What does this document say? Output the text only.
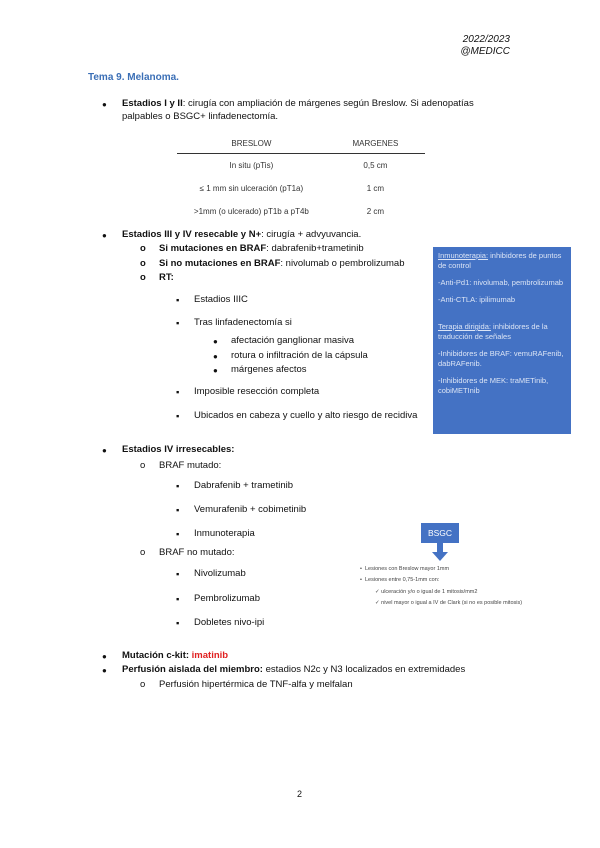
2022/2023
@MEDICC
Tema 9. Melanoma.
● Estadios I y II: cirugía con ampliación de márgenes según Breslow. Si adenopatías
palpables o BSGC+ linfadenectomía.
BRESLOW	MARGENES
In situ (pTis)	0,5 cm
≤ 1 mm sin ulceración (pT1a)	1 cm
>1mm (o ulcerado) pT1b a pT4b	2 cm
● Estadios III y IV resecable y N+: cirugía + advyuvancia.
o Si mutaciones en BRAF: dabrafenib+trametinib
o Si no mutaciones en BRAF: nivolumab o pembrolizumab
o RT:
▪ Estadios IIIC
▪ Tras linfadenectomía si
● afectación ganglionar masiva
● rotura o infiltración de la cápsula
● márgenes afectos
▪ Imposible resección completa
▪ Ubicados en cabeza y cuello y alto riesgo de recidiva
Inmunoterapia: inhibidores de puntos de control
-Anti-Pd1: nivolumab, pembrolizumab
-Anti-CTLA: ipilimumab
Terapia dirigida: inhibidores de la traducción de señales
-Inhibidores de BRAF: vemuRAFenib, dabRAFenib.
-Inhibidores de MEK: traMETinib, cobiMETInib
● Estadios IV irresecables:
o BRAF mutado:
▪ Dabrafenib + trametinib
▪ Vemurafenib + cobimetinib
▪ Inmunoterapia
o BRAF no mutado:
▪ Nivolizumab
▪ Pembrolizumab
▪ Dobletes nivo-ipi
BSGC
•  Lesiones con Breslow mayor 1mm
•  Lesiones entre 0,75-1mm con:
✓ ulceración y/o o igual de 1 mitosis/mm2
✓ nivel mayor o igual a IV de Clark (si no es posible mitosis)
● Mutación c-kit: imatinib
● Perfusión aislada del miembro: estadios N2c y N3 localizados en extremidades
o Perfusión hipertérmica de TNF-alfa y melfalan
2
